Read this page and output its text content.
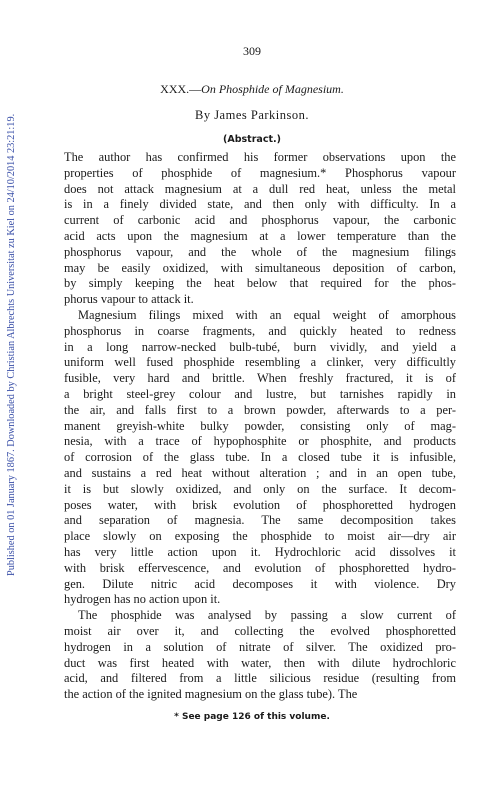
Published on 01 January 1867. Downloaded by Christian Albrechts Universitat zu Kiel on 24/10/2014 23:21:19.
309
XXX.—On Phosphide of Magnesium.
By James Parkinson.
(Abstract.)
The author has confirmed his former observations upon the
properties of phosphide of magnesium.* Phosphorus vapour
does not attack magnesium at a dull red heat, unless the metal
is in a finely divided state, and then only with difficulty. In a
current of carbonic acid and phosphorus vapour, the carbonic
acid acts upon the magnesium at a lower temperature than the
phosphorus vapour, and the whole of the magnesium filings
may be easily oxidized, with simultaneous deposition of carbon,
by simply keeping the heat below that required for the phos-
phorus vapour to attack it.
Magnesium filings mixed with an equal weight of amorphous
phosphorus in coarse fragments, and quickly heated to redness
in a long narrow-necked bulb-tubé, burn vividly, and yield a
uniform well fused phosphide resembling a clinker, very difficultly
fusible, very hard and brittle. When freshly fractured, it is of
a bright steel-grey colour and lustre, but tarnishes rapidly in
the air, and falls first to a brown powder, afterwards to a per-
manent greyish-white bulky powder, consisting only of mag-
nesia, with a trace of hypophosphite or phosphite, and products
of corrosion of the glass tube. In a closed tube it is infusible,
and sustains a red heat without alteration ; and in an open tube,
it is but slowly oxidized, and only on the surface. It decom-
poses water, with brisk evolution of phosphoretted hydrogen
and separation of magnesia. The same decomposition takes
place slowly on exposing the phosphide to moist air—dry air
has very little action upon it. Hydrochloric acid dissolves it
with brisk effervescence, and evolution of phosphoretted hydro-
gen. Dilute nitric acid decomposes it with violence. Dry
hydrogen has no action upon it.
The phosphide was analysed by passing a slow current of
moist air over it, and collecting the evolved phosphoretted
hydrogen in a solution of nitrate of silver. The oxidized pro-
duct was first heated with water, then with dilute hydrochloric
acid, and filtered from a little silicious residue (resulting from
the action of the ignited magnesium on the glass tube). The
* See page 126 of this volume.
